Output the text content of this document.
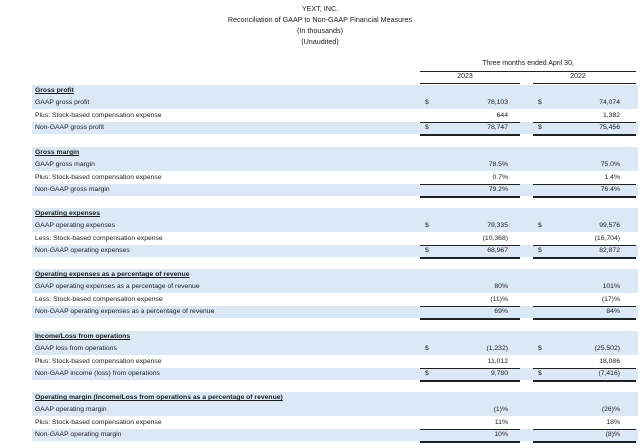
YEXT, INC.
Reconciliation of GAAP to Non-GAAP Financial Measures
(In thousands)
(Unaudited)
Three months ended April 30,
2023	2022
Gross profit
GAAP gross profit	$	78,103	$	74,074
Plus: Stock-based compensation expense	644	1,382
Non-GAAP gross profit	$	78,747	$	75,456
Gross margin
GAAP gross margin	78.5%	75.0%
Plus: Stock-based compensation expense	0.7%	1.4%
Non-GAAP gross margin	79.2%	76.4%
Operating expenses
GAAP operating expenses	$	79,335	$	99,576
Less: Stock-based compensation expense	(10,368)	(16,704)
Non-GAAP operating expenses	$	68,967	$	82,872
Operating expenses as a percentage of revenue
GAAP operating expenses as a percentage of revenue	80%	101%
Less: Stock-based compensation expense	(11)%	(17)%
Non-GAAP operating expenses as a percentage of revenue	69%	84%
Income/Loss from operations
GAAP loss from operations	$	(1,232)	$	(25,502)
Plus: Stock-based compensation expense	11,012	18,086
Non-GAAP income (loss) from operations	$	9,780	$	(7,416)
Operating margin (Income/Loss from operations as a percentage of revenue)
GAAP operating margin	(1)%	(26)%
Plus: Stock-based compensation expense	11%	18%
Non-GAAP operating margin	10%	(8)%
